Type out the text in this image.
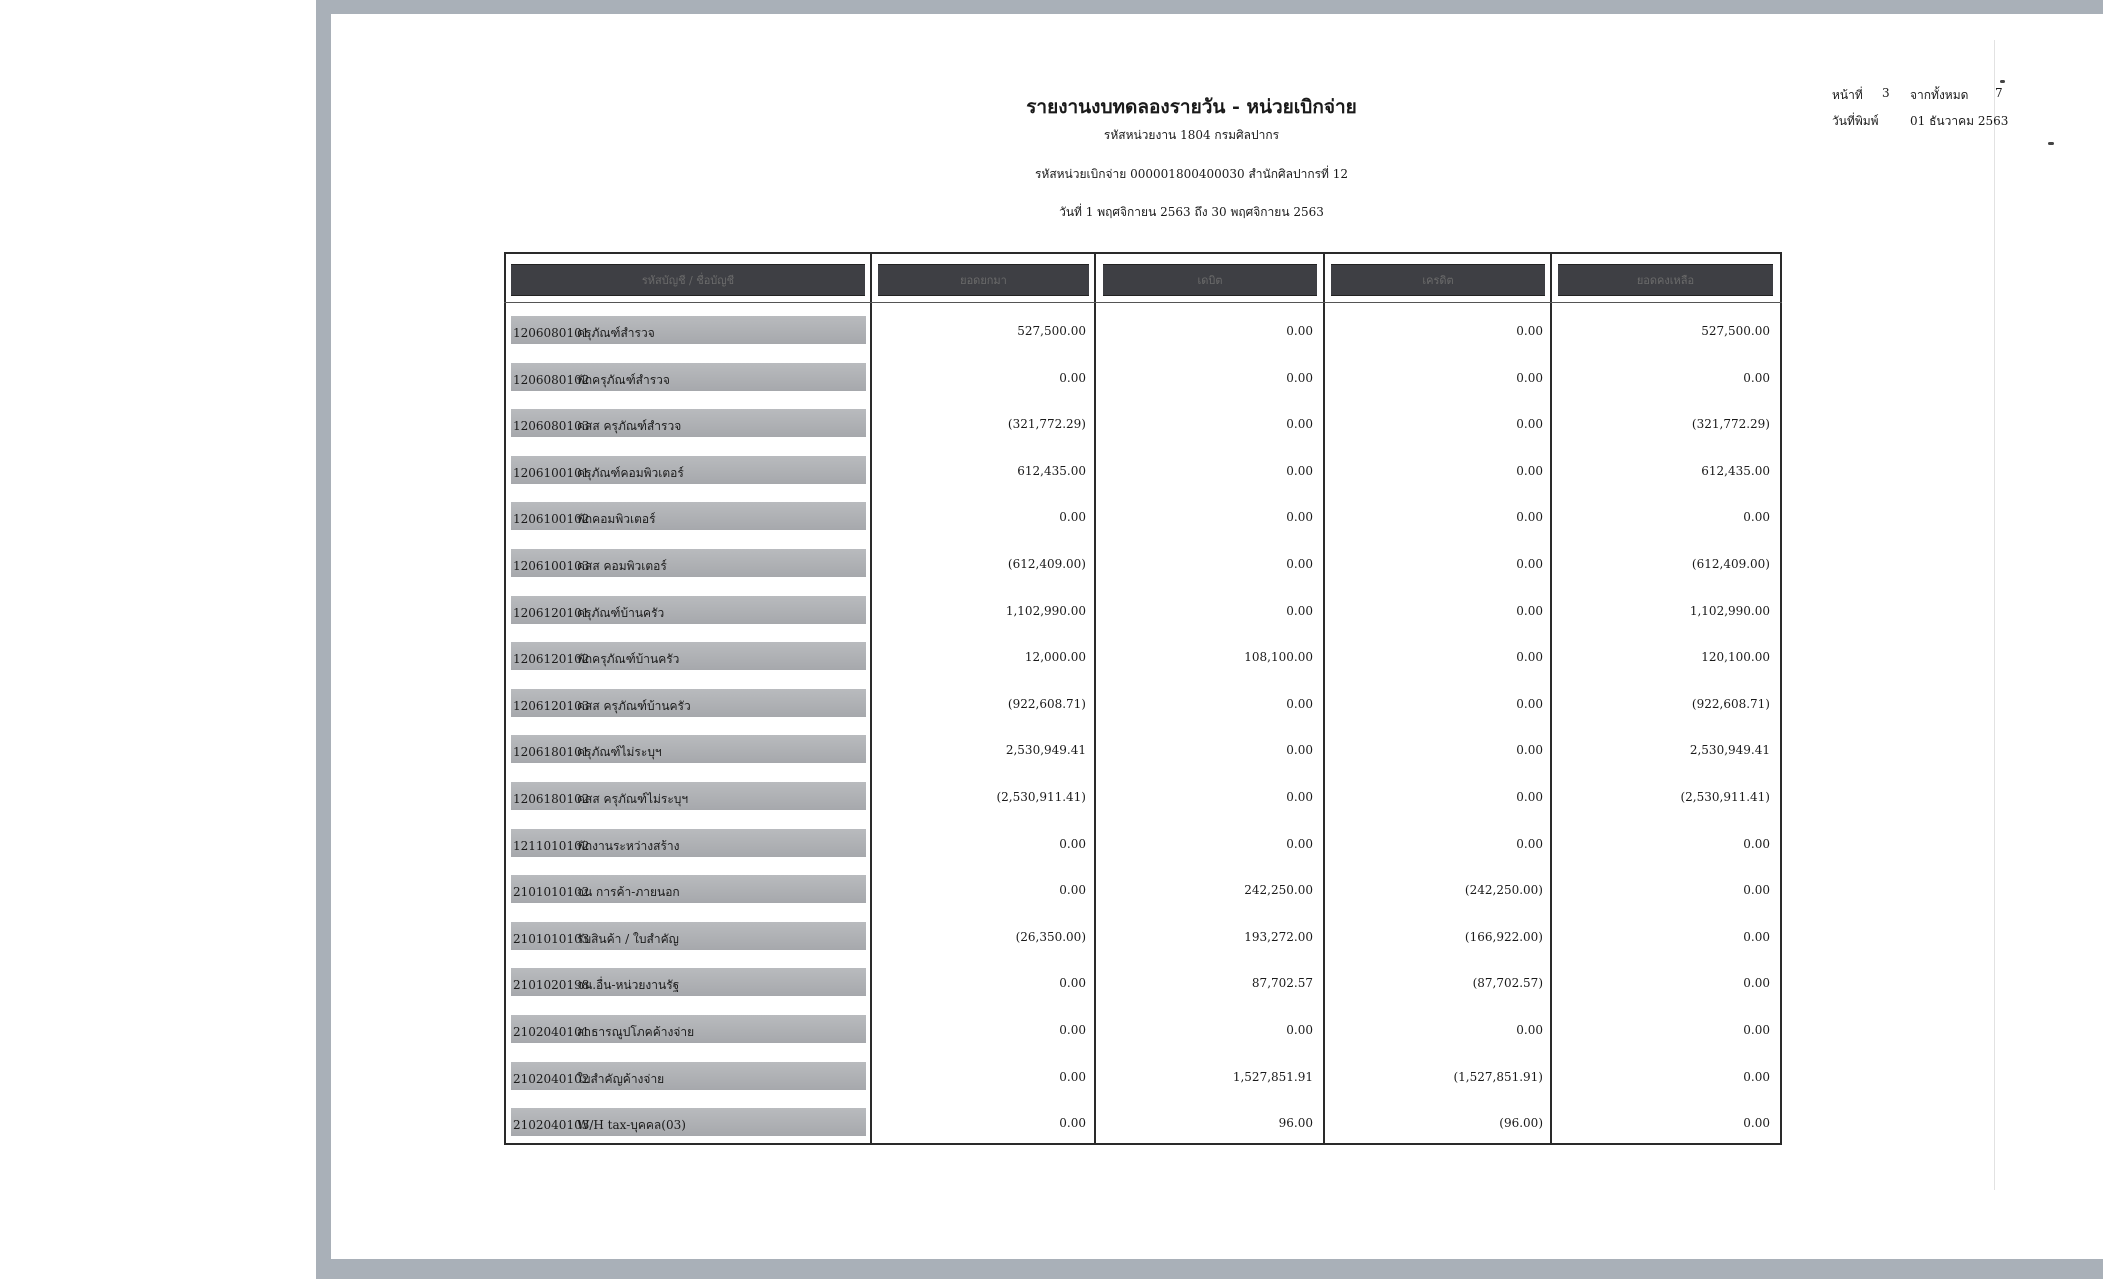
รายงานงบทดลองรายวัน - หน่วยเบิกจ่าย
รหัสหน่วยงาน 1804 กรมศิลปากร
รหัสหน่วยเบิกจ่าย 000001800400030 สำนักศิลปากรที่ 12
วันที่ 1 พฤศจิกายน 2563 ถึง 30 พฤศจิกายน 2563
หน้าที่ 3 จากทั้งหมด 7
วันที่พิมพ์	01 ธันวาคม 2563
รหัสบัญชี / ชื่อบัญชี	ยอดยกมา	เดบิต	เครดิต	ยอดคงเหลือ
1206080101ครุภัณฑ์สำรวจ	527,500.00	0.00	0.00	527,500.00
1206080102พักครุภัณฑ์สำรวจ	0.00	0.00	0.00	0.00
1206080103คสส ครุภัณฑ์สำรวจ	(321,772.29)	0.00	0.00	(321,772.29)
1206100101ครุภัณฑ์คอมพิวเตอร์	612,435.00	0.00	0.00	612,435.00
1206100102พักคอมพิวเตอร์	0.00	0.00	0.00	0.00
1206100103คสส คอมพิวเตอร์	(612,409.00)	0.00	0.00	(612,409.00)
1206120101ครุภัณฑ์บ้านครัว	1,102,990.00	0.00	0.00	1,102,990.00
1206120102พักครุภัณฑ์บ้านครัว	12,000.00	108,100.00	0.00	120,100.00
1206120103คสส ครุภัณฑ์บ้านครัว	(922,608.71)	0.00	0.00	(922,608.71)
1206180101ครุภัณฑ์ไม่ระบุฯ	2,530,949.41	0.00	0.00	2,530,949.41
1206180102คสส ครุภัณฑ์ไม่ระบุฯ	(2,530,911.41)	0.00	0.00	(2,530,911.41)
1211010102พักงานระหว่างสร้าง	0.00	0.00	0.00	0.00
2101010102จน การค้า-ภายนอก	0.00	242,250.00	(242,250.00)	0.00
2101010103รับสินค้า / ใบสำคัญ	(26,350.00)	193,272.00	(166,922.00)	0.00
2101020198จน.อื่น-หน่วยงานรัฐ	0.00	87,702.57	(87,702.57)	0.00
2102040101สาธารณูปโภคค้างจ่าย	0.00	0.00	0.00	0.00
2102040102ใบสำคัญค้างจ่าย	0.00	1,527,851.91	(1,527,851.91)	0.00
2102040103W/H tax-บุคคล(03)	0.00	96.00	(96.00)	0.00
